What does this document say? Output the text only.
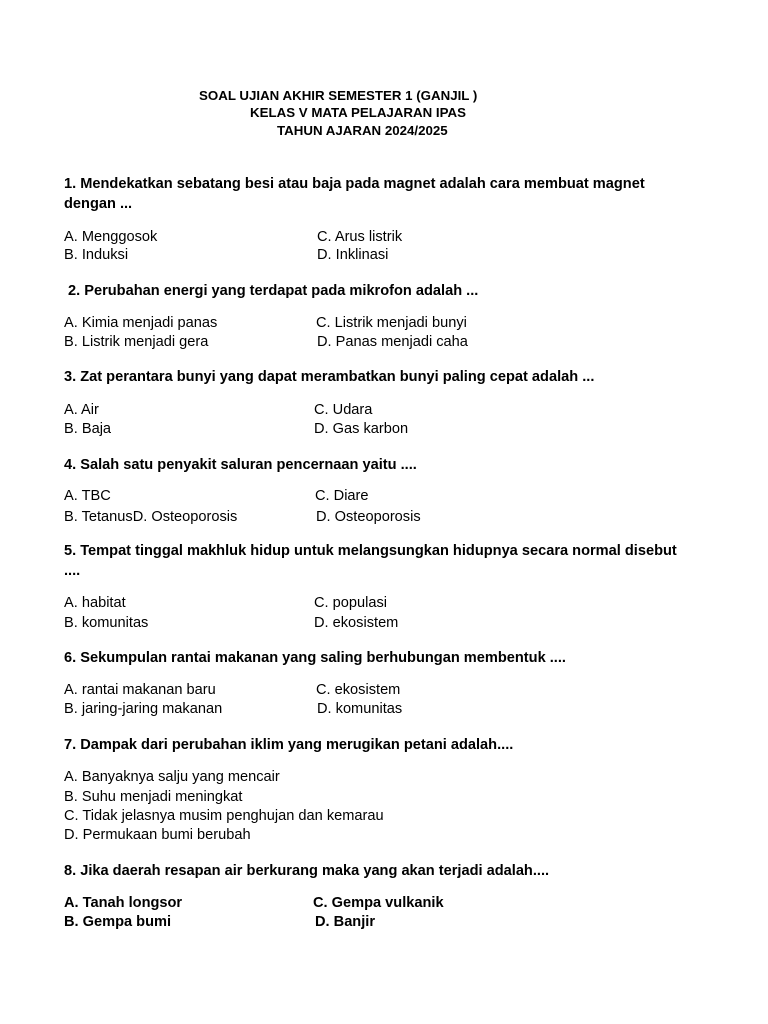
SOAL UJIAN AKHIR SEMESTER 1 (GANJIL )
KELAS V MATA PELAJARAN IPAS
TAHUN AJARAN 2024/2025
1. Mendekatkan sebatang besi atau baja pada magnet adalah cara membuat magnet dengan ...
A. Menggosok	C. Arus listrik
B. Induksi	D. Inklinasi
2. Perubahan energi yang terdapat pada mikrofon adalah ...
A. Kimia menjadi panas	C. Listrik menjadi bunyi
B. Listrik menjadi gera	D. Panas menjadi caha
3. Zat perantara bunyi yang dapat merambatkan bunyi paling cepat adalah ...
A. Air	C. Udara
B. Baja	D. Gas karbon
4. Salah satu penyakit saluran pencernaan yaitu ....
A. TBC	C. Diare
B. TetanusD. Osteoporosis	D. Osteoporosis
5. Tempat tinggal makhluk hidup untuk melangsungkan hidupnya secara normal disebut ....
A. habitat	C. populasi
B. komunitas	D. ekosistem
6. Sekumpulan rantai makanan yang saling berhubungan membentuk ....
A. rantai makanan baru	C. ekosistem
B. jaring-jaring makanan	D. komunitas
7. Dampak dari perubahan iklim yang merugikan petani adalah....
A. Banyaknya salju yang mencair
B. Suhu menjadi meningkat
C. Tidak jelasnya musim penghujan dan kemarau
D. Permukaan bumi berubah
8. Jika daerah resapan air berkurang maka yang akan terjadi adalah....
A. Tanah longsor	C. Gempa vulkanik
B. Gempa bumi	D. Banjir
